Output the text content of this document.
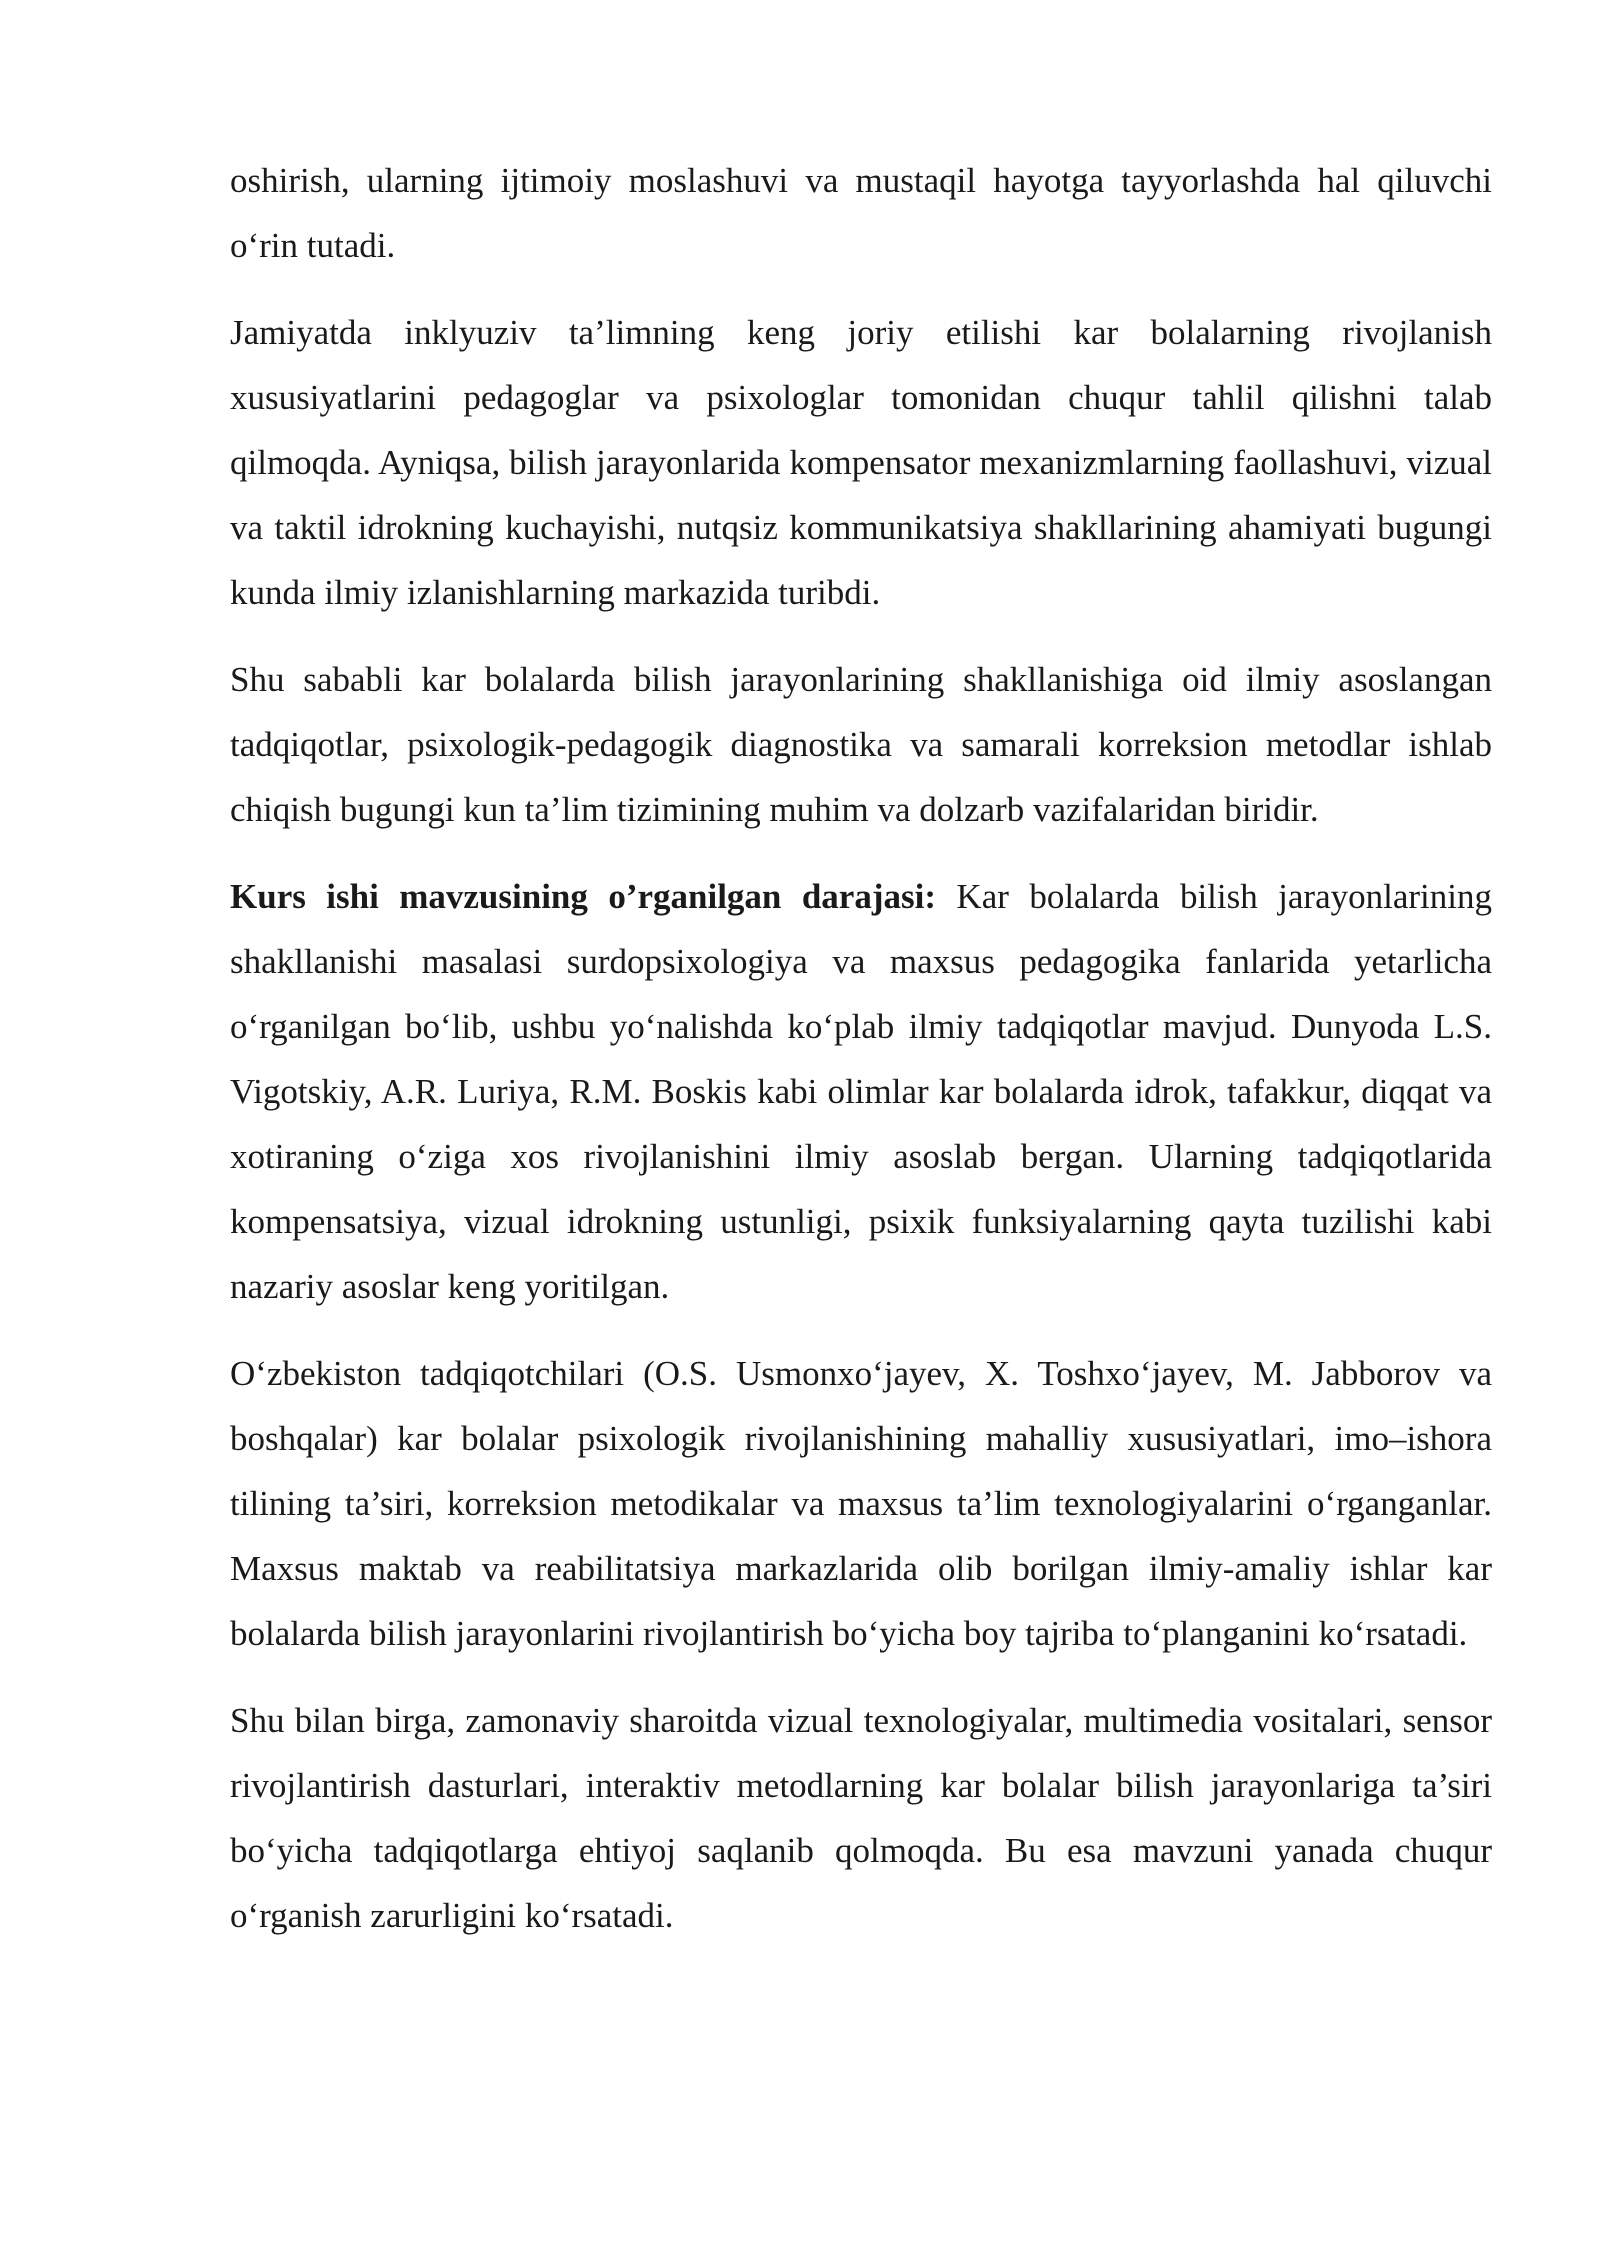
oshirish, ularning ijtimoiy moslashuvi va mustaqil hayotga tayyorlashda hal qiluvchi o‘rin tutadi.

Jamiyatda inklyuziv ta’limning keng joriy etilishi kar bolalarning rivojlanish xususiyatlarini pedagoglar va psixologlar tomonidan chuqur tahlil qilishni talab qilmoqda. Ayniqsa, bilish jarayonlarida kompensator mexanizmlarning faollashuvi, vizual va taktil idrokning kuchayishi, nutqsiz kommunikatsiya shakllarining ahamiyati bugungi kunda ilmiy izlanishlarning markazida turibdi.

Shu sababli kar bolalarda bilish jarayonlarining shakllanishiga oid ilmiy asoslangan tadqiqotlar, psixologik-pedagogik diagnostika va samarali korreksion metodlar ishlab chiqish bugungi kun ta’lim tizimining muhim va dolzarb vazifalaridan biridir.

Kurs ishi mavzusining o’rganilgan darajasi: Kar bolalarda bilish jarayonlarining shakllanishi masalasi surdopsixologiya va maxsus pedagogika fanlarida yetarlicha o‘rganilgan bo‘lib, ushbu yo‘nalishda ko‘plab ilmiy tadqiqotlar mavjud. Dunyoda L.S. Vigotskiy, A.R. Luriya, R.M. Boskis kabi olimlar kar bolalarda idrok, tafakkur, diqqat va xotiraning o‘ziga xos rivojlanishini ilmiy asoslab bergan. Ularning tadqiqotlarida kompensatsiya, vizual idrokning ustunligi, psixik funksiyalarning qayta tuzilishi kabi nazariy asoslar keng yoritilgan.

O‘zbekiston tadqiqotchilari (O.S. Usmonxo‘jayev, X. Toshxo‘jayev, M. Jabborov va boshqalar) kar bolalar psixologik rivojlanishining mahalliy xususiyatlari, imo–ishora tilining ta’siri, korreksion metodikalar va maxsus ta’lim texnologiyalarini o‘rganganlar. Maxsus maktab va reabilitatsiya markazlarida olib borilgan ilmiy-amaliy ishlar kar bolalarda bilish jarayonlarini rivojlantirish bo‘yicha boy tajriba to‘planganini ko‘rsatadi.

Shu bilan birga, zamonaviy sharoitda vizual texnologiyalar, multimedia vositalari, sensor rivojlantirish dasturlari, interaktiv metodlarning kar bolalar bilish jarayonlariga ta’siri bo‘yicha tadqiqotlarga ehtiyoj saqlanib qolmoqda. Bu esa mavzuni yanada chuqur o‘rganish zarurligini ko‘rsatadi.
